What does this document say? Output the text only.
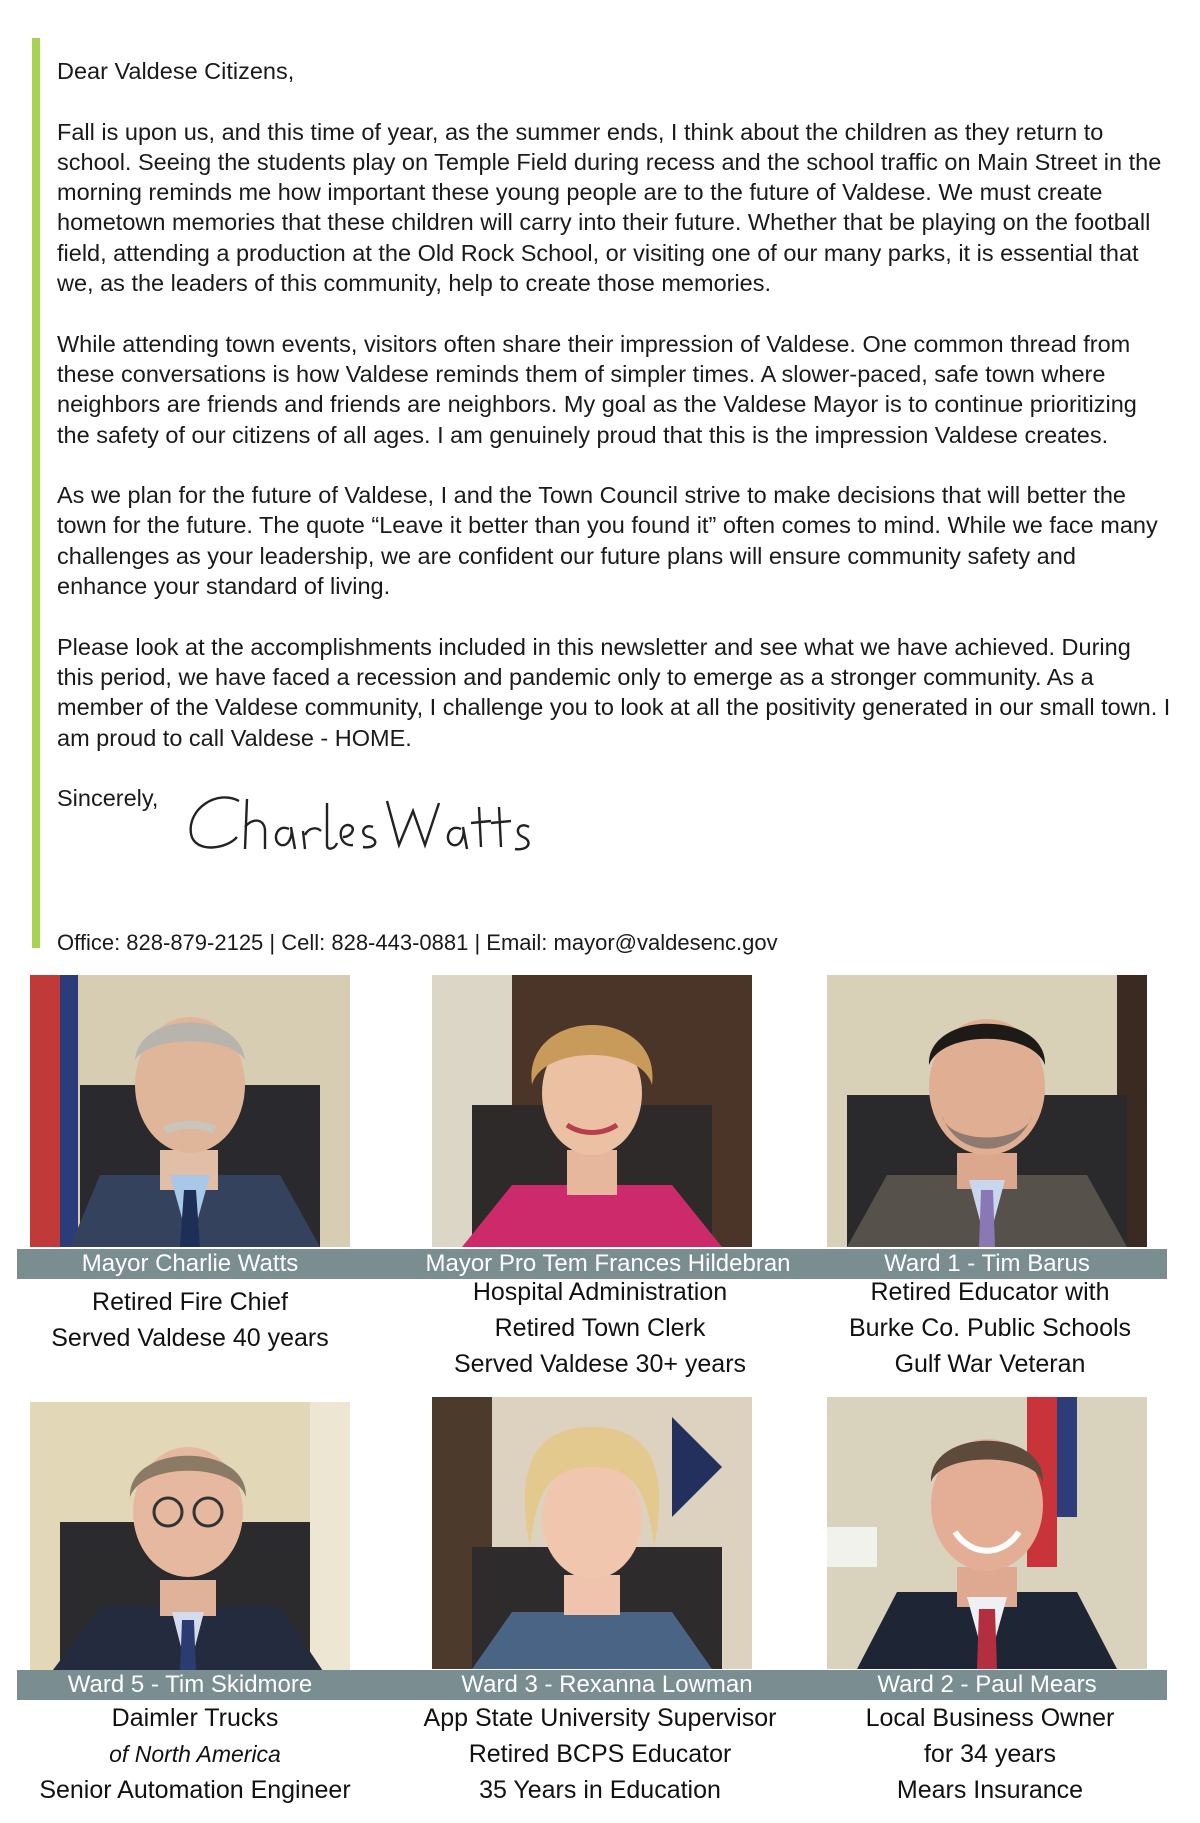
Dear Valdese Citizens,

Fall is upon us, and this time of year, as the summer ends, I think about the children as they return to school. Seeing the students play on Temple Field during recess and the school traffic on Main Street in the morning reminds me how important these young people are to the future of Valdese. We must create hometown memories that these children will carry into their future. Whether that be playing on the football field, attending a production at the Old Rock School, or visiting one of our many parks, it is essential that we, as the leaders of this community, help to create those memories.

While attending town events, visitors often share their impression of Valdese. One common thread from these conversations is how Valdese reminds them of simpler times. A slower-paced, safe town where neighbors are friends and friends are neighbors. My goal as the Valdese Mayor is to continue prioritizing the safety of our citizens of all ages. I am genuinely proud that this is the impression Valdese creates.

As we plan for the future of Valdese, I and the Town Council strive to make decisions that will better the town for the future. The quote “Leave it better than you found it” often comes to mind. While we face many challenges as your leadership, we are confident our future plans will ensure community safety and enhance your standard of living.

Please look at the accomplishments included in this newsletter and see what we have achieved. During this period, we have faced a recession and pandemic only to emerge as a stronger community. As a member of the Valdese community, I challenge you to look at all the positivity generated in our small town. I am proud to call Valdese - HOME.

Sincerely,
Office: 828-879-2125 | Cell: 828-443-0881 | Email: mayor@valdesenc.gov
Mayor Charlie Watts	Mayor Pro Tem Frances Hildebran	Ward 1 - Tim Barus
Retired Fire Chief
Served Valdese 40 years
Hospital Administration
Retired Town Clerk
Served Valdese 30+ years
Retired Educator with
Burke Co. Public Schools
Gulf War Veteran
Ward 5 - Tim Skidmore	Ward 3 - Rexanna Lowman	Ward 2 - Paul Mears
Daimler Trucks
of North America
Senior Automation Engineer
App State University Supervisor
Retired BCPS Educator
35 Years in Education
Local Business Owner
for 34 years
Mears Insurance
